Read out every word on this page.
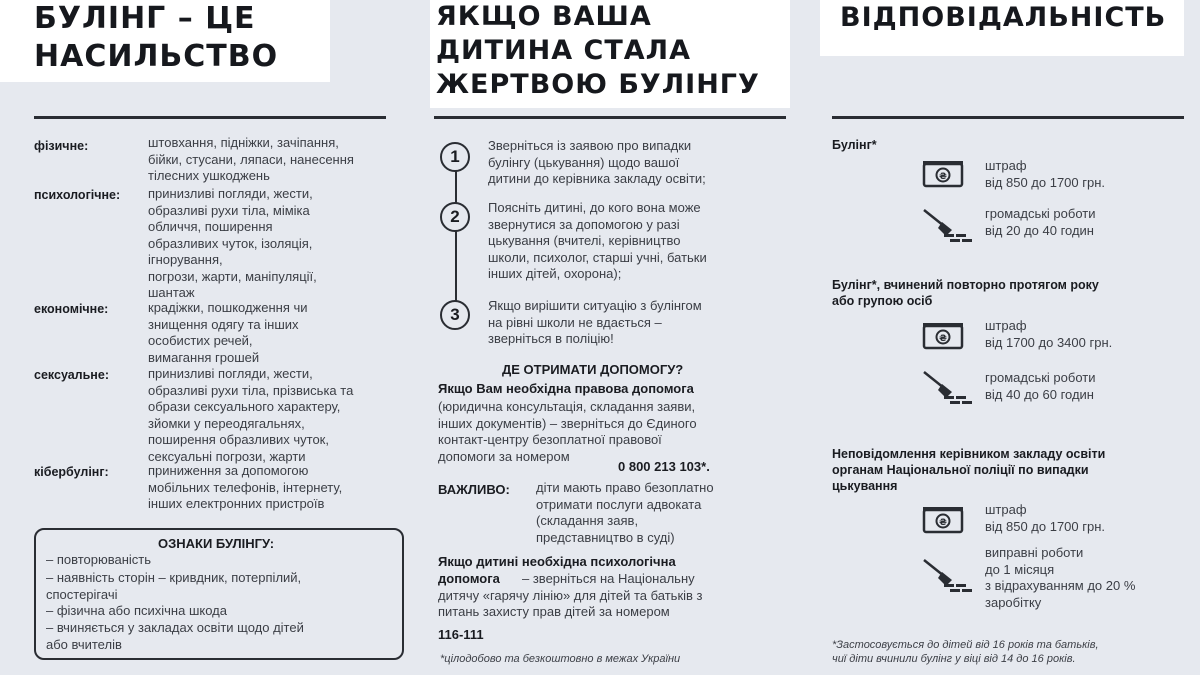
БУЛІНГ – ЦЕ
НАСИЛЬСТВО
фізичне:	штовхання, підніжки, зачіпання,
бійки, стусани, ляпаси, нанесення
тілесних ушкоджень
психологічне: принизливі погляди, жести,
образливі рухи тіла, міміка
обличчя, поширення
образливих чуток, ізоляція,
ігнорування,
погрози, жарти, маніпуляції,
шантаж
економічне:	крадіжки, пошкодження чи
знищення одягу та інших
особистих речей,
вимагання грошей
сексуальне:	принизливі погляди, жести,
образливі рухи тіла, прізвиська та
образи сексуального характеру,
зйомки у переодягальнях,
поширення образливих чуток,
сексуальні погрози, жарти
кібербулінг:	приниження за допомогою
мобільних телефонів, інтернету,
інших електронних пристроїв
ОЗНАКИ БУЛІНГУ:
– повторюваність
– наявність сторін – кривдник, потерпілий,
спостерігачі
– фізична або психічна шкода
– вчиняється у закладах освіти щодо дітей
або вчителів
ЯКЩО ВАША
ДИТИНА СТАЛА
ЖЕРТВОЮ БУЛІНГУ
1
2
3
Зверніться із заявою про випадки
булінгу (цькування) щодо вашої
дитини до керівника закладу освіти;
Поясніть дитині, до кого вона може
звернутися за допомогою у разі
цькування (вчителі, керівництво
школи, психолог, старші учні, батьки
інших дітей, охорона);
Якщо вирішити ситуацію з булінгом
на рівні школи не вдається –
зверніться в поліцію!
ДЕ ОТРИМАТИ ДОПОМОГУ?
Якщо Вам необхідна правова допомога
(юридична консультація, складання заяви,
інших документів) – зверніться до Єдиного
контакт-центру безоплатної правової
допомоги за номером
0 800 213 103*.
ВАЖЛИВО: діти мають право безоплатно
отримати послуги адвоката
(складання заяв,
представництво в суді)
Якщо дитині необхідна психологічна
допомога	– зверніться на Національну
дитячу «гарячу лінію» для дітей та батьків з
питань захисту прав дітей за номером
116-111
*цілодобово та безкоштовно в межах України
ВІДПОВІДАЛЬНІСТЬ
Булінг*
₴
штраф
від 850 до 1700 грн.
громадські роботи
від 20 до 40 годин
Булінг*, вчинений повторно протягом року
або групою осіб
₴
штраф
від 1700 до 3400 грн.
громадські роботи
від 40 до 60 годин
Неповідомлення керівником закладу освіти
органам Національної поліції по випадки
цькування
₴
штраф
від 850 до 1700 грн.
виправні роботи
до 1 місяця
з відрахуванням до 20 %
заробітку
*Застосовується до дітей від 16 років та батьків,
чиї діти вчинили булінг у віці від 14 до 16 років.
